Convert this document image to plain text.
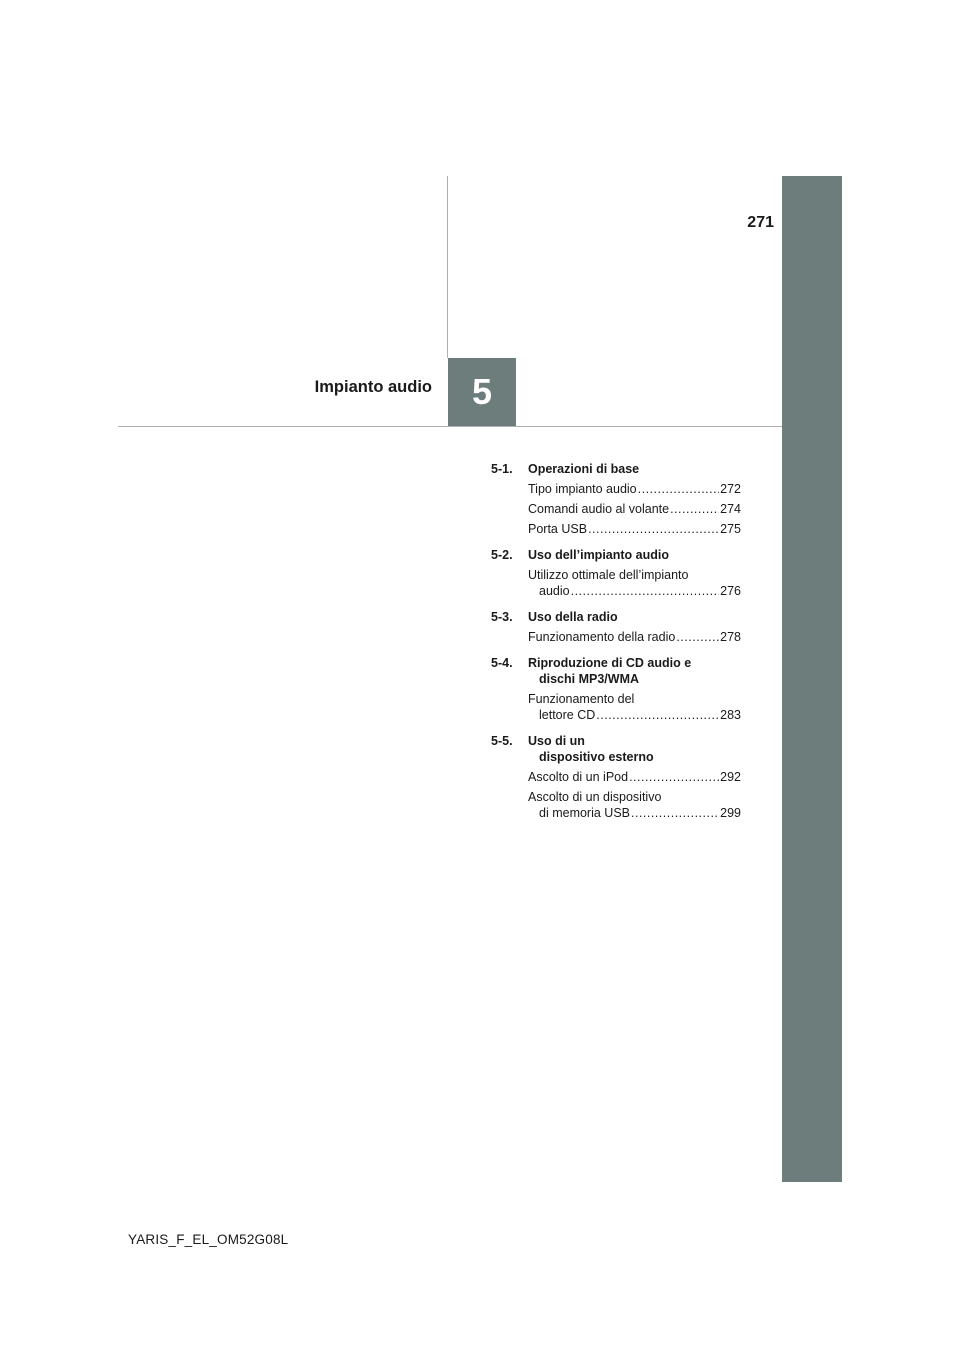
271
5
Impianto audio
5-1.	Operazioni di base
Tipo impianto audio .....	272
Comandi audio al volante .....	274
Porta USB .....	275
5-2.	Uso dell’impianto audio
Utilizzo ottimale dell’impianto
audio .....	276
5-3.	Uso della radio
Funzionamento della radio .....	278
5-4.	Riproduzione di CD audio e
dischi MP3/WMA
Funzionamento del
lettore CD .....	283
5-5.	Uso di un
dispositivo esterno
Ascolto di un iPod .....	292
Ascolto di un dispositivo
di memoria USB .....	299
YARIS_F_EL_OM52G08L
